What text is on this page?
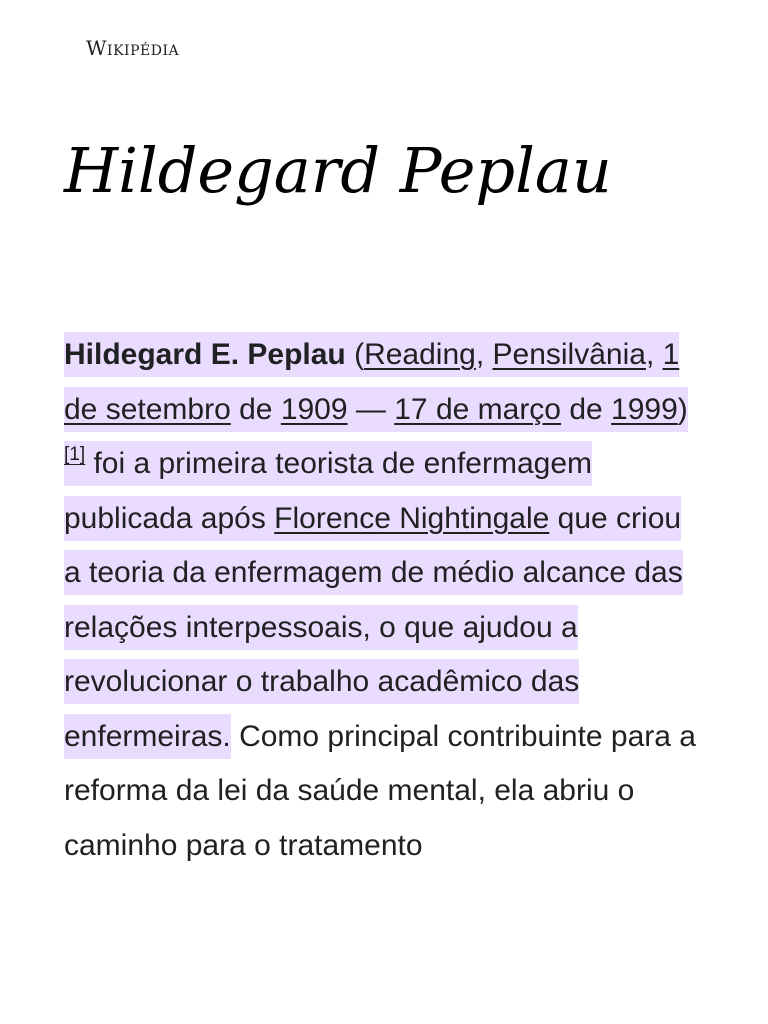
Wikipédia
Hildegard Peplau

Hildegard E. Peplau (Reading, Pensilvânia, 1 de setembro de 1909 — 17 de março de 1999)[1] foi a primeira teorista de enfermagem publicada após Florence Nightingale que criou a teoria da enfermagem de médio alcance das relações interpessoais, o que ajudou a revolucionar o trabalho acadêmico das enfermeiras. Como principal contribuinte para a reforma da lei da saúde mental, ela abriu o caminho para o tratamento
